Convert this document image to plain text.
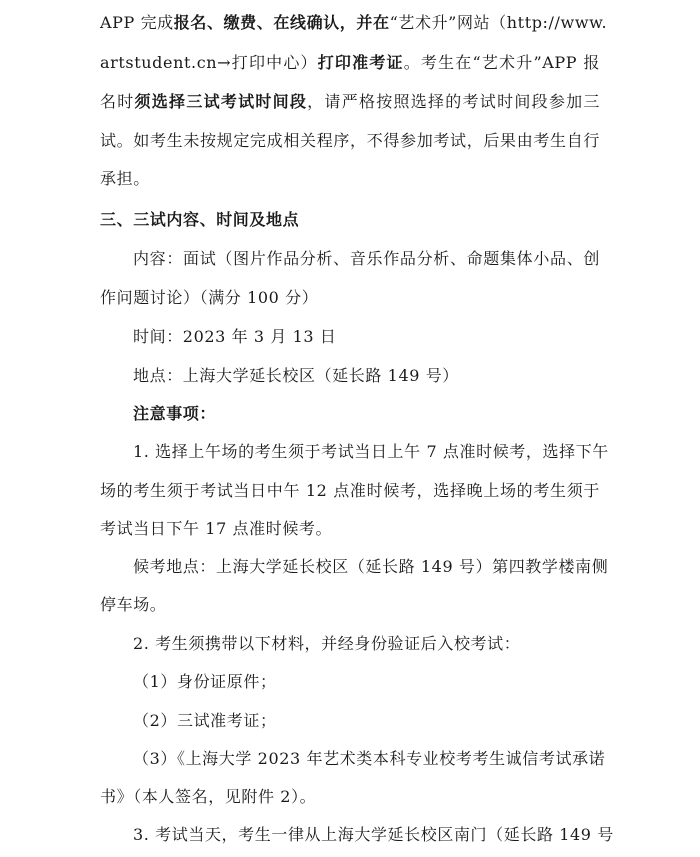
APP 完成报名、缴费、在线确认，并在“艺术升”网站（http://www.
artstudent.cn→打印中心）打印准考证。考生在“艺术升”APP 报
名时须选择三试考试时间段，请严格按照选择的考试时间段参加三
试。如考生未按规定完成相关程序，不得参加考试，后果由考生自行
承担。
三、三试内容、时间及地点
内容：面试（图片作品分析、音乐作品分析、命题集体小品、创
作问题讨论）（满分 100 分）
时间：2023 年 3 月 13 日
地点：上海大学延长校区（延长路 149 号）
注意事项：
1. 选择上午场的考生须于考试当日上午 7 点准时候考，选择下午
场的考生须于考试当日中午 12 点准时候考，选择晚上场的考生须于
考试当日下午 17 点准时候考。
候考地点：上海大学延长校区（延长路 149 号）第四教学楼南侧
停车场。
2. 考生须携带以下材料，并经身份验证后入校考试：
（1）身份证原件；
（2）三试准考证；
（3）《上海大学 2023 年艺术类本科专业校考考生诚信考试承诺
书》（本人签名，见附件 2）。
3. 考试当天，考生一律从上海大学延长校区南门（延长路 149 号
